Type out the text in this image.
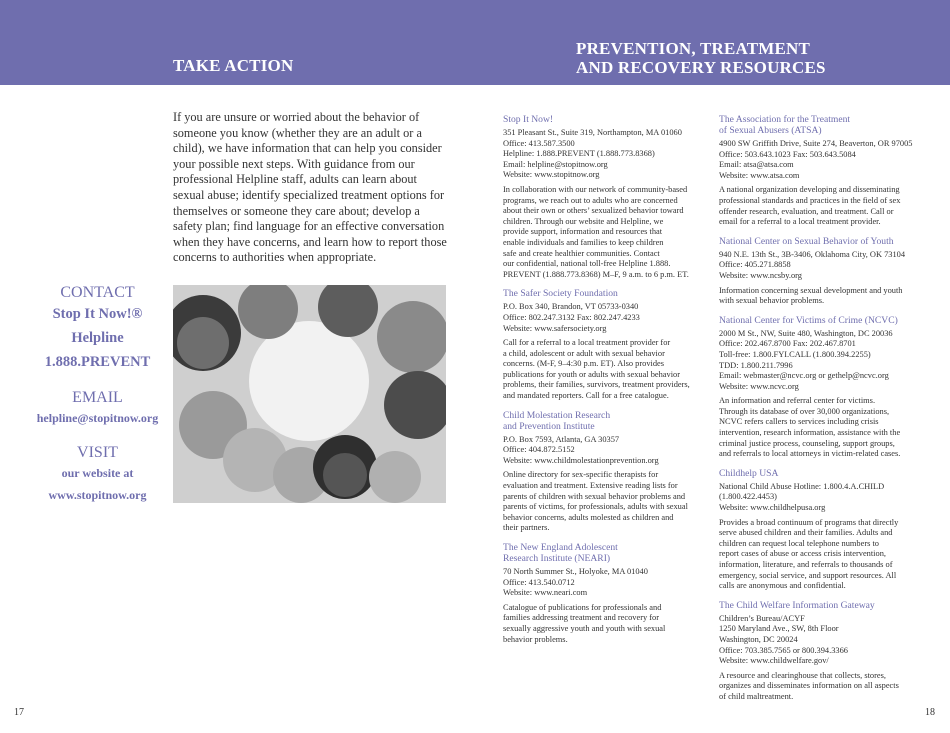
TAKE ACTION
PREVENTION, TREATMENT
AND RECOVERY RESOURCES
If you are unsure or worried about the behavior of someone you know (whether they are an adult or a child), we have information that can help you consider your possible next steps. With guidance from our professional Helpline staff, adults can learn about sexual abuse; identify specialized treatment options for themselves or someone they care about; develop a safety plan; find language for an effective conversation when they have concerns, and learn how to report those concerns to authorities when appropriate.
CONTACT
Stop It Now!®
Helpline
1.888.PREVENT
EMAIL
helpline@stopitnow.org
VISIT
our website at
www.stopitnow.org
Stop It Now!
351 Pleasant St., Suite 319, Northampton, MA 01060
Office: 413.587.3500
Helpline: 1.888.PREVENT (1.888.773.8368)
Email: helpline@stopitnow.org
Website: www.stopitnow.org
In collaboration with our network of community-based
programs, we reach out to adults who are concerned
about their own or others’ sexualized behavior toward
children. Through our website and Helpline, we
provide support, information and resources that
enable individuals and families to keep children
safe and create healthier communities. Contact
our confidential, national toll-free Helpline 1.888.
PREVENT (1.888.773.8368) M–F, 9 a.m. to 6 p.m. ET.
The Safer Society Foundation
P.O. Box 340, Brandon, VT 05733-0340
Office: 802.247.3132 Fax: 802.247.4233
Website: www.safersociety.org
Call for a referral to a local treatment provider for
a child, adolescent or adult with sexual behavior
concerns. (M-F, 9–4:30 p.m. ET). Also provides
publications for youth or adults with sexual behavior
problems, their families, survivors, treatment providers,
and mandated reporters. Call for a free catalogue.
Child Molestation Research
and Prevention Institute
P.O. Box 7593, Atlanta, GA 30357
Office: 404.872.5152
Website: www.childmolestationprevention.org
Online directory for sex-specific therapists for
evaluation and treatment. Extensive reading lists for
parents of children with sexual behavior problems and
parents of victims, for professionals, adults with sexual
behavior concerns, adults molested as children and
their partners.
The New England Adolescent
Research Institute (NEARI)
70 North Summer St., Holyoke, MA 01040
Office: 413.540.0712
Website: www.neari.com
Catalogue of publications for professionals and
families addressing treatment and recovery for
sexually aggressive youth and youth with sexual
behavior problems.
The Association for the Treatment
of Sexual Abusers (ATSA)
4900 SW Griffith Drive, Suite 274, Beaverton, OR 97005
Office: 503.643.1023 Fax: 503.643.5084
Email: atsa@atsa.com
Website: www.atsa.com
A national organization developing and disseminating
professional standards and practices in the field of sex
offender research, evaluation, and treatment. Call or
email for a referral to a local treatment provider.
National Center on Sexual Behavior of Youth
940 N.E. 13th St., 3B-3406, Oklahoma City, OK 73104
Office: 405.271.8858
Website: www.ncsby.org
Information concerning sexual development and youth
with sexual behavior problems.
National Center for Victims of Crime (NCVC)
2000 M St., NW, Suite 480, Washington, DC 20036
Office: 202.467.8700 Fax: 202.467.8701
Toll-free: 1.800.FYI.CALL (1.800.394.2255)
TDD: 1.800.211.7996
Email: webmaster@ncvc.org or gethelp@ncvc.org
Website: www.ncvc.org
An information and referral center for victims.
Through its database of over 30,000 organizations,
NCVC refers callers to services including crisis
intervention, research information, assistance with the
criminal justice process, counseling, support groups,
and referrals to local attorneys in victim-related cases.
Childhelp USA
National Child Abuse Hotline: 1.800.4.A.CHILD
(1.800.422.4453)
Website: www.childhelpusa.org
Provides a broad continuum of programs that directly
serve abused children and their families. Adults and
children can request local telephone numbers to
report cases of abuse or access crisis intervention,
information, literature, and referrals to thousands of
emergency, social service, and support resources. All
calls are anonymous and confidential.
The Child Welfare Information Gateway
Children’s Bureau/ACYF
1250 Maryland Ave., SW, 8th Floor
Washington, DC 20024
Office: 703.385.7565 or 800.394.3366
Website: www.childwelfare.gov/
A resource and clearinghouse that collects, stores,
organizes and disseminates information on all aspects
of child maltreatment.
17	18
